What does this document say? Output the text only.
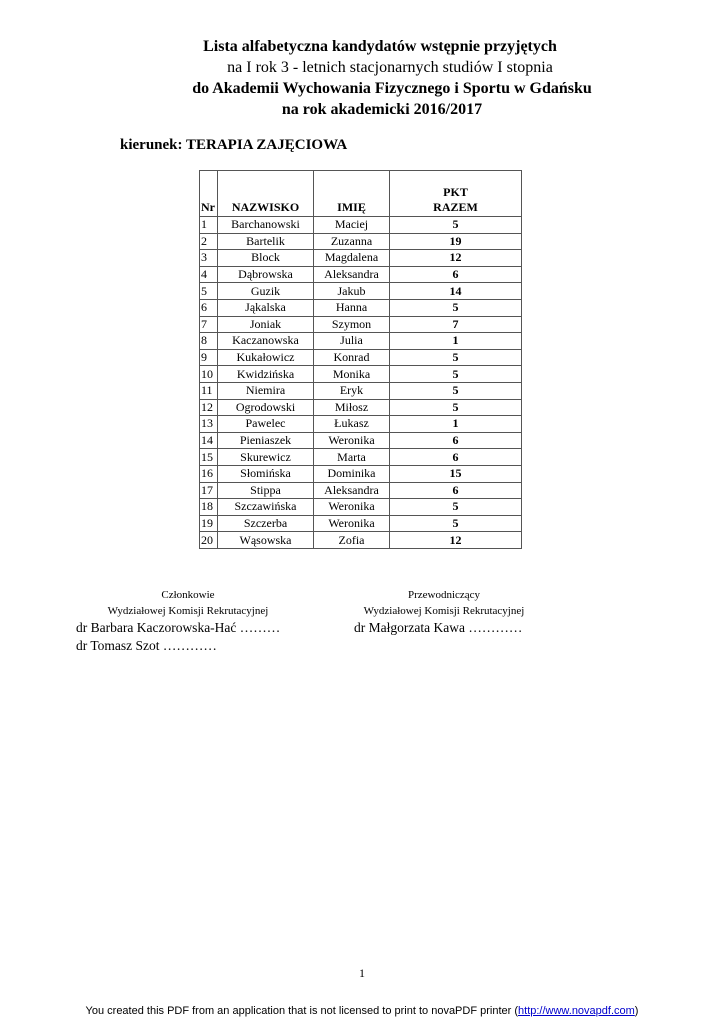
Lista alfabetyczna kandydatów wstępnie przyjętych
na I rok 3 - letnich stacjonarnych studiów I stopnia
do Akademii Wychowania Fizycznego i Sportu w Gdańsku
na rok akademicki 2016/2017
kierunek: TERAPIA ZAJĘCIOWA
Nr	NAZWISKO	IMIĘ	PKT
RAZEM

1	Barchanowski	Maciej	5
2	Bartelik	Zuzanna	19
3	Block	Magdalena	12
4	Dąbrowska	Aleksandra	6
5	Guzik	Jakub	14
6	Jąkalska	Hanna	5
7	Joniak	Szymon	7
8	Kaczanowska	Julia	1
9	Kukałowicz	Konrad	5
10	Kwidzińska	Monika	5
11	Niemira	Eryk	5
12	Ogrodowski	Miłosz	5
13	Pawelec	Łukasz	1
14	Pieniaszek	Weronika	6
15	Skurewicz	Marta	6
16	Słomińska	Dominika	15
17	Stippa	Aleksandra	6
18	Szczawińska	Weronika	5
19	Szczerba	Weronika	5
20	Wąsowska	Zofia	12
Członkowie
Wydziałowej Komisji Rekrutacyjnej
dr Barbara Kaczorowska-Hać ………
dr Tomasz Szot …………
Przewodniczący
Wydziałowej Komisji Rekrutacyjnej
dr Małgorzata Kawa …………
1
You created this PDF from an application that is not licensed to print to novaPDF printer (http://www.novapdf.com)
